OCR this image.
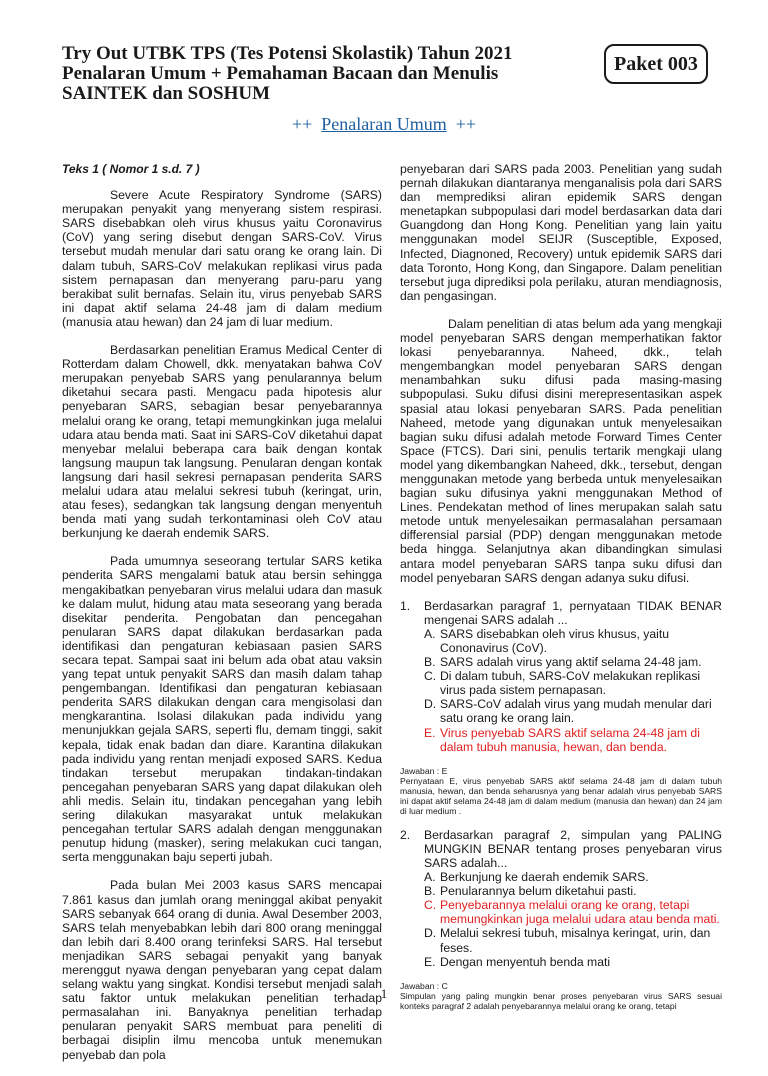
Try Out UTBK TPS (Tes Potensi Skolastik) Tahun 2021
Penalaran Umum + Pemahaman Bacaan dan Menulis
SAINTEK dan SOSHUM
Paket 003
++ Penalaran Umum ++
Teks 1 ( Nomor 1 s.d. 7 )

Severe Acute Respiratory Syndrome (SARS) merupakan penyakit yang menyerang sistem respirasi. SARS disebabkan oleh virus khusus yaitu Coronavirus (CoV) yang sering disebut dengan SARS-CoV. Virus tersebut mudah menular dari satu orang ke orang lain. Di dalam tubuh, SARS-CoV melakukan replikasi virus pada sistem pernapasan dan menyerang paru-paru yang berakibat sulit bernafas. Selain itu, virus penyebab SARS ini dapat aktif selama 24-48 jam di dalam medium (manusia atau hewan) dan 24 jam di luar medium.

Berdasarkan penelitian Eramus Medical Center di Rotterdam dalam Chowell, dkk. menyatakan bahwa CoV merupakan penyebab SARS yang penularannya belum diketahui secara pasti. Mengacu pada hipotesis alur penyebaran SARS, sebagian besar penyebarannya melalui orang ke orang, tetapi memungkinkan juga melalui udara atau benda mati. Saat ini SARS-CoV diketahui dapat menyebar melalui beberapa cara baik dengan kontak langsung maupun tak langsung. Penularan dengan kontak langsung dari hasil sekresi pernapasan penderita SARS melalui udara atau melalui sekresi tubuh (keringat, urin, atau feses), sedangkan tak langsung dengan menyentuh benda mati yang sudah terkontaminasi oleh CoV atau berkunjung ke daerah endemik SARS.

Pada umumnya seseorang tertular SARS ketika penderita SARS mengalami batuk atau bersin sehingga mengakibatkan penyebaran virus melalui udara dan masuk ke dalam mulut, hidung atau mata seseorang yang berada disekitar penderita. Pengobatan dan pencegahan penularan SARS dapat dilakukan berdasarkan pada identifikasi dan pengaturan kebiasaan pasien SARS secara tepat. Sampai saat ini belum ada obat atau vaksin yang tepat untuk penyakit SARS dan masih dalam tahap pengembangan. Identifikasi dan pengaturan kebiasaan penderita SARS dilakukan dengan cara mengisolasi dan mengkarantina. Isolasi dilakukan pada individu yang menunjukkan gejala SARS, seperti flu, demam tinggi, sakit kepala, tidak enak badan dan diare. Karantina dilakukan pada individu yang rentan menjadi exposed SARS. Kedua tindakan tersebut merupakan tindakan-tindakan pencegahan penyebaran SARS yang dapat dilakukan oleh ahli medis. Selain itu, tindakan pencegahan yang lebih sering dilakukan masyarakat untuk melakukan pencegahan tertular SARS adalah dengan menggunakan penutup hidung (masker), sering melakukan cuci tangan, serta menggunakan baju seperti jubah.

Pada bulan Mei 2003 kasus SARS mencapai 7.861 kasus dan jumlah orang meninggal akibat penyakit SARS sebanyak 664 orang di dunia. Awal Desember 2003, SARS telah menyebabkan lebih dari 800 orang meninggal dan lebih dari 8.400 orang terinfeksi SARS. Hal tersebut menjadikan SARS sebagai penyakit yang banyak merenggut nyawa dengan penyebaran yang cepat dalam selang waktu yang singkat. Kondisi tersebut menjadi salah satu faktor untuk melakukan penelitian terhadap permasalahan ini. Banyaknya penelitian terhadap penularan penyakit SARS membuat para peneliti di berbagai disiplin ilmu mencoba untuk menemukan penyebab dan pola

penyebaran dari SARS pada 2003. Penelitian yang sudah pernah dilakukan diantaranya menganalisis pola dari SARS dan memprediksi aliran epidemik SARS dengan menetapkan subpopulasi dari model berdasarkan data dari Guangdong dan Hong Kong. Penelitian yang lain yaitu menggunakan model SEIJR (Susceptible, Exposed, Infected, Diagnoned, Recovery) untuk epidemik SARS dari data Toronto, Hong Kong, dan Singapore. Dalam penelitian tersebut juga diprediksi pola perilaku, aturan mendiagnosis, dan pengasingan.

Dalam penelitian di atas belum ada yang mengkaji model penyebaran SARS dengan memperhatikan faktor lokasi penyebarannya. Naheed, dkk., telah mengembangkan model penyebaran SARS dengan menambahkan suku difusi pada masing-masing subpopulasi. Suku difusi disini merepresentasikan aspek spasial atau lokasi penyebaran SARS. Pada penelitian Naheed, metode yang digunakan untuk menyelesaikan bagian suku difusi adalah metode Forward Times Center Space (FTCS). Dari sini, penulis tertarik mengkaji ulang model yang dikembangkan Naheed, dkk., tersebut, dengan menggunakan metode yang berbeda untuk menyelesaikan bagian suku difusinya yakni menggunakan Method of Lines. Pendekatan method of lines merupakan salah satu metode untuk menyelesaikan permasalahan persamaan differensial parsial (PDP) dengan menggunakan metode beda hingga. Selanjutnya akan dibandingkan simulasi antara model penyebaran SARS tanpa suku difusi dan model penyebaran SARS dengan adanya suku difusi.

1.	Berdasarkan paragraf 1, pernyataan TIDAK BENAR mengenai SARS adalah ...
A. SARS disebabkan oleh virus khusus, yaitu Cononavirus (CoV).
B. SARS adalah virus yang aktif selama 24-48 jam.
C. Di dalam tubuh, SARS-CoV melakukan replikasi virus pada sistem pernapasan.
D. SARS-CoV adalah virus yang mudah menular dari satu orang ke orang lain.
E. Virus penyebab SARS aktif selama 24-48 jam di dalam tubuh manusia, hewan, dan benda.
Jawaban : E
Pernyataan E, virus penyebab SARS aktif selama 24-48 jam di dalam tubuh manusia, hewan, dan benda seharusnya yang benar adalah virus penyebab SARS ini dapat aktif selama 24-48 jam di dalam medium (manusia dan hewan) dan 24 jam di luar medium .
2.	Berdasarkan paragraf 2, simpulan yang PALING MUNGKIN BENAR tentang proses penyebaran virus SARS adalah...
A. Berkunjung ke daerah endemik SARS.
B. Penularannya belum diketahui pasti.
C. Penyebarannya melalui orang ke orang, tetapi memungkinkan juga melalui udara atau benda mati.
D. Melalui sekresi tubuh, misalnya keringat, urin, dan feses.
E. Dengan menyentuh benda mati
Jawaban : C
Simpulan yang paling mungkin benar proses penyebaran virus SARS sesuai konteks paragraf 2 adalah penyebarannya melalui orang ke orang, tetapi
1
